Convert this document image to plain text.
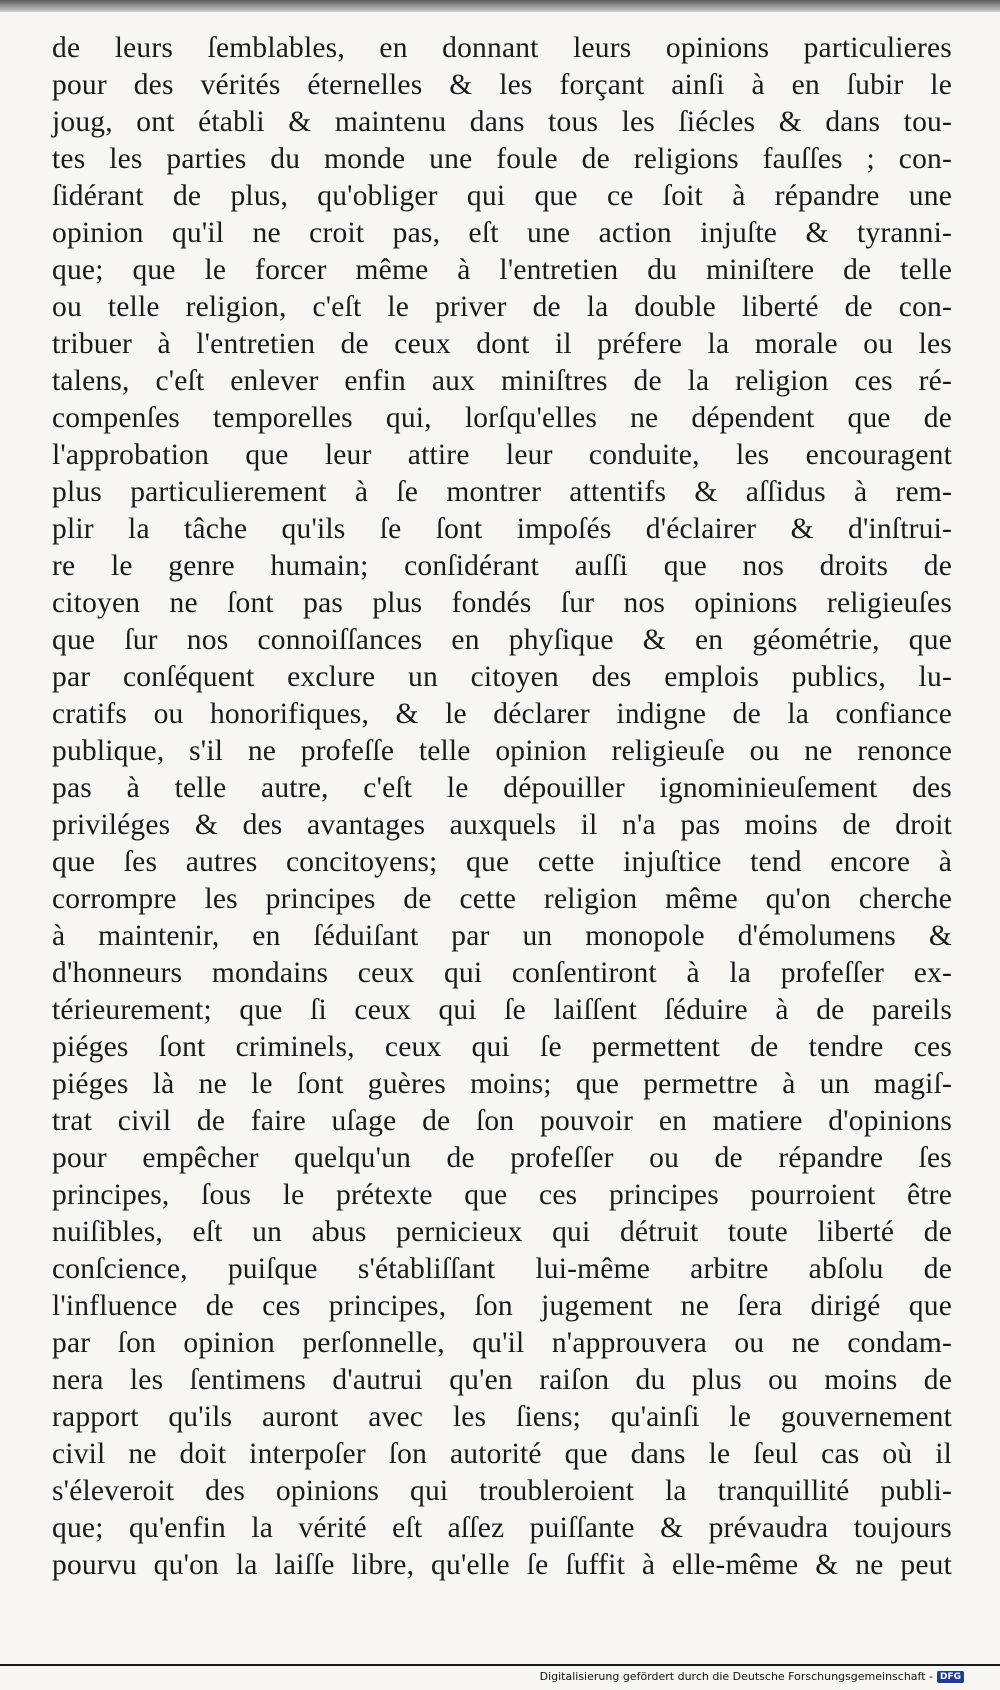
de leurs ſemblables, en donnant leurs opinions particulieres
pour des vérités éternelles & les forçant ainſi à en ſubir le
joug, ont établi & maintenu dans tous les ſiécles & dans tou-
tes les parties du monde une foule de religions fauſſes ; con-
ſidérant de plus, qu'obliger qui que ce ſoit à répandre une
opinion qu'il ne croit pas, eſt une action injuſte & tyranni-
que; que le forcer même à l'entretien du miniſtere de telle
ou telle religion, c'eſt le priver de la double liberté de con-
tribuer à l'entretien de ceux dont il préfere la morale ou les
talens, c'eſt enlever enfin aux miniſtres de la religion ces ré-
compenſes temporelles qui, lorſqu'elles ne dépendent que de
l'approbation que leur attire leur conduite, les encouragent
plus particulierement à ſe montrer attentifs & aſſidus à rem-
plir la tâche qu'ils ſe ſont impoſés d'éclairer & d'inſtrui-
re le genre humain; conſidérant auſſi que nos droits de
citoyen ne ſont pas plus fondés ſur nos opinions religieuſes
que ſur nos connoiſſances en phyſique & en géométrie, que
par conſéquent exclure un citoyen des emplois publics, lu-
cratifs ou honorifiques, & le déclarer indigne de la confiance
publique, s'il ne profeſſe telle opinion religieuſe ou ne renonce
pas à telle autre, c'eſt le dépouiller ignominieuſement des
priviléges & des avantages auxquels il n'a pas moins de droit
que ſes autres concitoyens; que cette injuſtice tend encore à
corrompre les principes de cette religion même qu'on cherche
à maintenir, en ſéduiſant par un monopole d'émolumens &
d'honneurs mondains ceux qui conſentiront à la profeſſer ex-
térieurement; que ſi ceux qui ſe laiſſent ſéduire à de pareils
piéges ſont criminels, ceux qui ſe permettent de tendre ces
piéges là ne le ſont guères moins; que permettre à un magiſ-
trat civil de faire uſage de ſon pouvoir en matiere d'opinions
pour empêcher quelqu'un de profeſſer ou de répandre ſes
principes, ſous le prétexte que ces principes pourroient être
nuiſibles, eſt un abus pernicieux qui détruit toute liberté de
conſcience, puiſque s'établiſſant lui-même arbitre abſolu de
l'influence de ces principes, ſon jugement ne ſera dirigé que
par ſon opinion perſonnelle, qu'il n'approuvera ou ne condam-
nera les ſentimens d'autrui qu'en raiſon du plus ou moins de
rapport qu'ils auront avec les ſiens; qu'ainſi le gouvernement
civil ne doit interpoſer ſon autorité que dans le ſeul cas où il
s'éleveroit des opinions qui troubleroient la tranquillité publi-
que; qu'enfin la vérité eſt aſſez puiſſante & prévaudra toujours
pourvu qu'on la laiſſe libre, qu'elle ſe ſuffit à elle-même & ne peut
Digitalisierung gefördert durch die Deutsche Forschungsgemeinschaft - DFG
